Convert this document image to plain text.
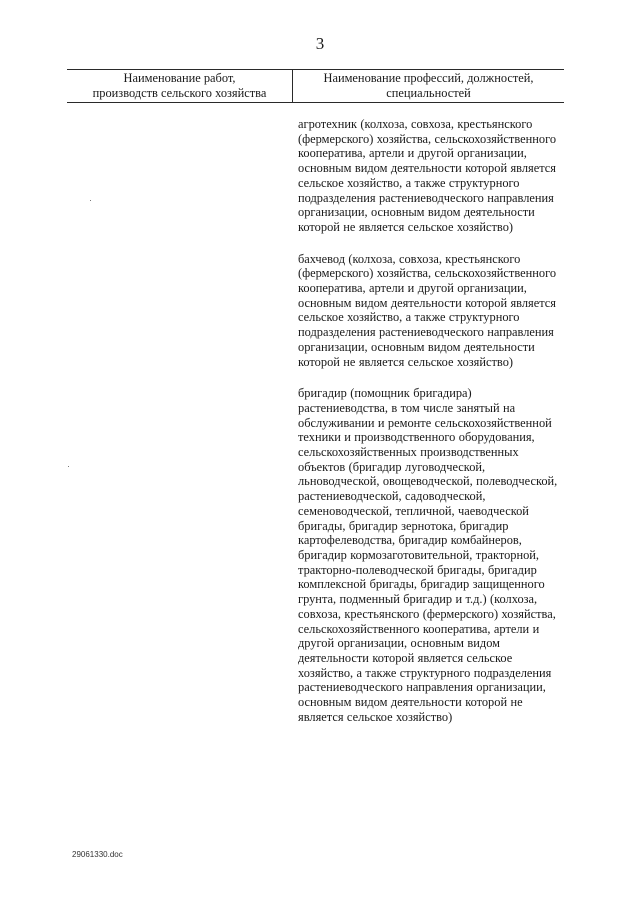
3
Наименование работ,
производств сельского хозяйства
Наименование профессий, должностей,
специальностей

агротехник (колхоза, совхоза, крестьянского (фермерского) хозяйства, сельскохозяйственного кооператива, артели и другой организации, основным видом деятельности которой является сельское хозяйство, а также структурного подразделения растениеводческого направления организации, основным видом деятельности которой не является сельское хозяйство)

бахчевод (колхоза, совхоза, крестьянского (фермерского) хозяйства, сельскохозяйственного кооператива, артели и другой организации, основным видом деятельности которой является сельское хозяйство, а также структурного подразделения растениеводческого направления организации, основным видом деятельности которой не является сельское хозяйство)

бригадир (помощник бригадира) растениеводства, в том числе занятый на обслуживании и ремонте сельскохозяйственной техники и производственного оборудования, сельскохозяйственных производственных объектов (бригадир луговодческой, льноводческой, овощеводческой, полеводческой, растениеводческой, садоводческой, семеноводческой, тепличной, чаеводческой бригады, бригадир зернотока, бригадир картофелеводства, бригадир комбайнеров, бригадир кормозаготовительной, тракторной, тракторно-полеводческой бригады, бригадир комплексной бригады, бригадир защищенного грунта, подменный бригадир и т.д.) (колхоза, совхоза, крестьянского (фермерского) хозяйства, сельскохозяйственного кооператива, артели и другой организации, основным видом деятельности которой является сельское хозяйство, а также структурного подразделения растениеводческого направления организации, основным видом деятельности которой не является сельское хозяйство)

29061330.doc
